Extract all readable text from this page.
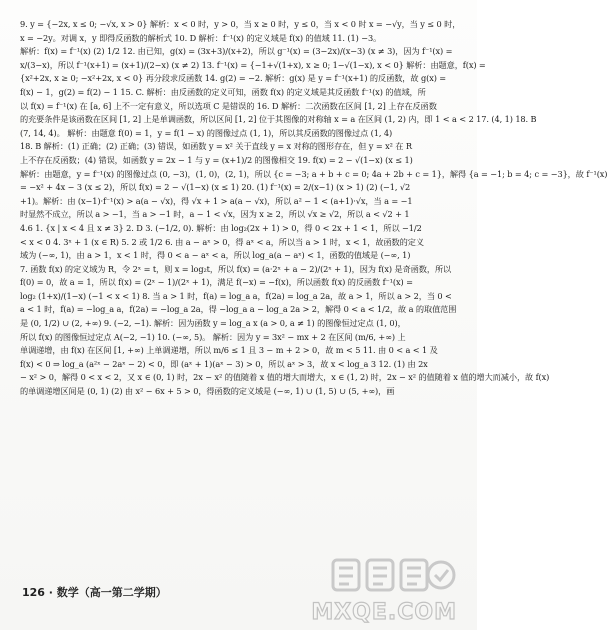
9. y = {−2x, x ≤ 0; −√x, x > 0} 解析：x < 0 时，y > 0，当 x ≥ 0 时，y ≤ 0，当 x < 0 时 x = −√y，当 y ≤ 0 时，
x = −2y。对调 x，y 即得反函数的解析式 10. D 解析：f⁻¹(x) 的定义域是 f(x) 的值域 11. (1) −3。
解析：f(x) = f⁻¹(x) (2) 1/2 12. 由已知，g(x) = (3x+3)/(x+2)，所以 g⁻¹(x) = (3−2x)/(x−3) (x ≠ 3)，因为 f⁻¹(x) =
x/(3−x)，所以 f⁻¹(x+1) = (x+1)/(2−x) (x ≠ 2) 13. f⁻¹(x) = {−1+√(1+x), x ≥ 0; 1−√(1−x), x < 0} 解析：由题意，f(x) =
{x²+2x, x ≥ 0; −x²+2x, x < 0} 再分段求反函数 14. g(2) = −2. 解析：g(x) 是 y = f⁻¹(x+1) 的反函数，故 g(x) =
f(x) − 1，g(2) = f(2) − 1 15. C. 解析：由反函数的定义可知，函数 f(x) 的定义域是其反函数 f⁻¹(x) 的值域，所
以 f(x) = f⁻¹(x) 在 [a, 6] 上不一定有意义，所以选项 C 是错误的 16. D 解析：二次函数在区间 [1, 2] 上存在反函数
的充要条件是该函数在区间 [1, 2] 上是单调函数，所以区间 [1, 2] 位于其图像的对称轴 x = a 在区间 (1, 2) 内，即 1 < a < 2 17. (4, 1) 18. B
(7, 14, 4)。 解析：由题意 f(0) = 1，y = f(1 − x) 的图像过点 (1, 1)，所以其反函数的图像过点 (1, 4)
18. B 解析：(1) 正确；(2) 正确；(3) 错误，如函数 y = x² 关于直线 y = x 对称的图形存在，但 y = x² 在 R
上不存在反函数；(4) 错误，如函数 y = 2x − 1 与 y = (x+1)/2 的图像相交 19. f(x) = 2 − √(1−x) (x ≤ 1)
解析：由题意，y = f⁻¹(x) 的图像过点 (0, −3)，(1, 0)，(2, 1)，所以 {c = −3; a + b + c = 0; 4a + 2b + c = 1}，解得 {a = −1; b = 4; c = −3}，故 f⁻¹(x)
= −x² + 4x − 3 (x ≤ 2)，所以 f(x) = 2 − √(1−x) (x ≤ 1) 20. (1) f⁻¹(x) = 2/(x−1) (x > 1) (2) (−1, √2
+1)。解析：由 (x−1)·f⁻¹(x) > a(a − √x)，得 √x + 1 > a(a − √x)，所以 a² − 1 < (a+1)·√x，当 a = −1
时显然不成立，所以 a > −1，当 a > −1 时，a − 1 < √x，因为 x ≥ 2，所以 √x ≥ √2，所以 a < √2 + 1
4.6 1. {x | x < 4 且 x ≠ 3} 2. D 3. (−1/2, 0). 解析：由 log₂(2x + 1) > 0，得 0 < 2x + 1 < 1，所以 −1/2
< x < 0 4. 3ˣ + 1 (x ∈ R) 5. 2 或 1/2 6. 由 a − aˣ > 0，得 aˣ < a，所以当 a > 1 时，x < 1，故函数的定义
域为 (−∞, 1)，由 a > 1，x < 1 时，得 0 < a − aˣ < a，所以 log_a(a − aˣ) < 1，函数的值域是 (−∞, 1)
7. 函数 f(x) 的定义域为 R，令 2ˣ = t，则 x = log₂t，所以 f(x) = (a·2ˣ + a − 2)/(2ˣ + 1)，因为 f(x) 是奇函数，所以
f(0) = 0，故 a = 1，所以 f(x) = (2ˣ − 1)/(2ˣ + 1)，满足 f(−x) = −f(x)，所以函数 f(x) 的反函数 f⁻¹(x) =
log₂ (1+x)/(1−x) (−1 < x < 1) 8. 当 a > 1 时，f(a) = log_a a，f(2a) = log_a 2a，故 a > 1，所以 a > 2，当 0 <
a < 1 时，f(a) = −log_a a，f(2a) = −log_a 2a，得 −log_a a − log_a 2a > 2，解得 0 < a < 1/2，故 a 的取值范围
是 (0, 1/2) ∪ (2, +∞) 9. (−2, −1). 解析：因为函数 y = log_a x (a > 0, a ≠ 1) 的图像恒过定点 (1, 0)，
所以 f(x) 的图像恒过定点 A(−2, −1) 10. (−∞, 5)。 解析：因为 y = 3x² − mx + 2 在区间 (m/6, +∞) 上
单调递增，由 f(x) 在区间 [1, +∞) 上单调递增，所以 m/6 ≤ 1 且 3 − m + 2 > 0，故 m < 5 11. 由 0 < a < 1 及
f(x) < 0 ⇒ log_a (a²ˣ − 2aˣ − 2) < 0，即 (aˣ + 1)(aˣ − 3) > 0，所以 aˣ > 3，故 x < log_a 3 12. (1) 由 2x
− x² > 0，解得 0 < x < 2，又 x ∈ (0, 1) 时，2x − x² 的值随着 x 值的增大而增大，x ∈ (1, 2) 时，2x − x² 的值随着 x 值的增大而减小，故 f(x)
的单调递增区间是 (0, 1) (2) 由 x² − 6x + 5 > 0，得函数的定义域是 (−∞, 1) ∪ (1, 5) ∪ (5, +∞)，画
126 · 数学（高一第二学期）
MXQE.COM
